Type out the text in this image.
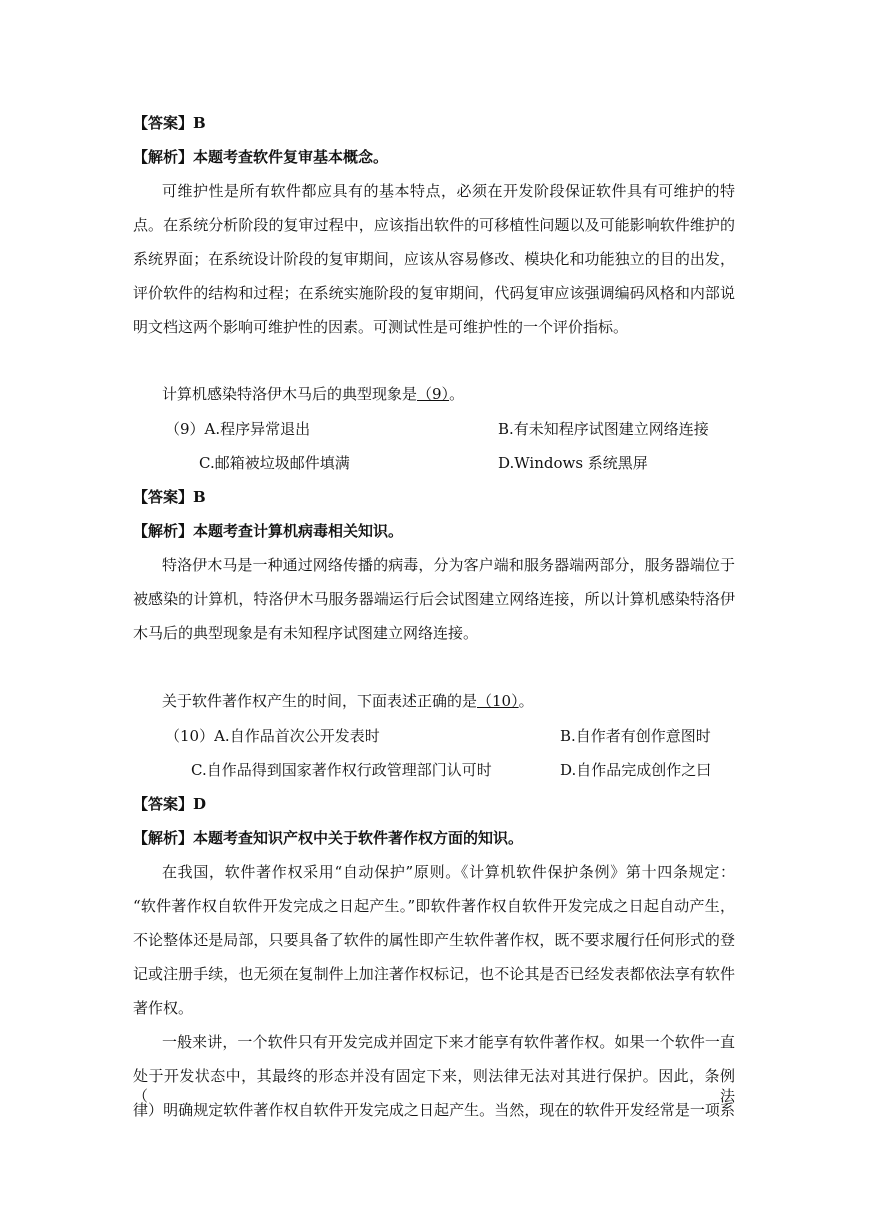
【答案】B
【解析】本题考查软件复审基本概念。
可维护性是所有软件都应具有的基本特点，必须在开发阶段保证软件具有可维护的特
点。在系统分析阶段的复审过程中，应该指出软件的可移植性问题以及可能影响软件维护的
系统界面；在系统设计阶段的复审期间，应该从容易修改、模块化和功能独立的目的出发，
评价软件的结构和过程；在系统实施阶段的复审期间，代码复审应该强调编码风格和内部说
明文档这两个影响可维护性的因素。可测试性是可维护性的一个评价指标。
计算机感染特洛伊木马后的典型现象是（9）。
（9）A.程序异常退出	B.有未知程序试图建立网络连接
C.邮箱被垃圾邮件填满	D.Windows 系统黑屏
【答案】B
【解析】本题考查计算机病毒相关知识。
特洛伊木马是一种通过网络传播的病毒，分为客户端和服务器端两部分，服务器端位于
被感染的计算机，特洛伊木马服务器端运行后会试图建立网络连接，所以计算机感染特洛伊
木马后的典型现象是有未知程序试图建立网络连接。
关于软件著作权产生的时间，下面表述正确的是（10）。
（10）A.自作品首次公开发表时	B.自作者有创作意图时
C.自作品得到国家著作权行政管理部门认可时	D.自作品完成创作之曰
【答案】D
【解析】本题考查知识产权中关于软件著作权方面的知识。
在我国，软件著作权采用“自动保护”原则。《计算机软件保护条例》第十四条规定：
“软件著作权自软件开发完成之日起产生。”即软件著作权自软件开发完成之日起自动产生，
不论整体还是局部，只要具备了软件的属性即产生软件著作权，既不要求履行任何形式的登
记或注册手续，也无须在复制件上加注著作权标记，也不论其是否已经发表都依法享有软件
著作权。
一般来讲，一个软件只有开发完成并固定下来才能享有软件著作权。如果一个软件一直
处于开发状态中，其最终的形态并没有固定下来，则法律无法对其进行保护。因此，条例（法
律）明确规定软件著作权自软件开发完成之日起产生。当然，现在的软件开发经常是一项系
